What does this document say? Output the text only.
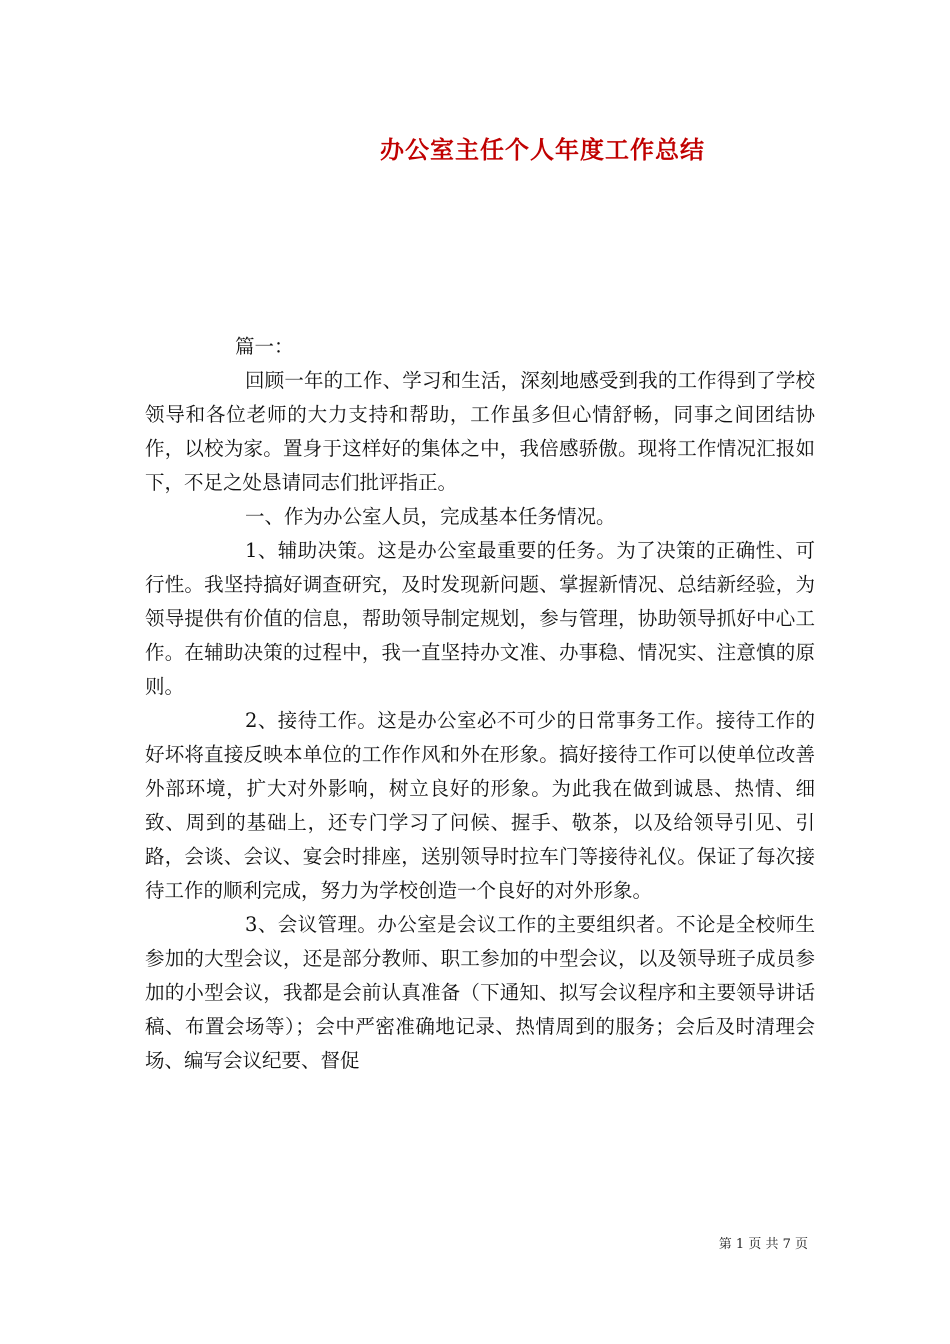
办公室主任个人年度工作总结

篇一：

回顾一年的工作、学习和生活，深刻地感受到我的工作得到了学校领导和各位老师的大力支持和帮助，工作虽多但心情舒畅，同事之间团结协作，以校为家。置身于这样好的集体之中，我倍感骄傲。现将工作情况汇报如下，不足之处恳请同志们批评指正。

一、作为办公室人员，完成基本任务情况。

1、辅助决策。这是办公室最重要的任务。为了决策的正确性、可行性。我坚持搞好调查研究，及时发现新问题、掌握新情况、总结新经验，为领导提供有价值的信息，帮助领导制定规划，参与管理，协助领导抓好中心工作。在辅助决策的过程中，我一直坚持办文准、办事稳、情况实、注意慎的原则。

2、接待工作。这是办公室必不可少的日常事务工作。接待工作的好坏将直接反映本单位的工作作风和外在形象。搞好接待工作可以使单位改善外部环境，扩大对外影响，树立良好的形象。为此我在做到诚恳、热情、细致、周到的基础上，还专门学习了问候、握手、敬茶，以及给领导引见、引路，会谈、会议、宴会时排座，送别领导时拉车门等接待礼仪。保证了每次接待工作的顺利完成，努力为学校创造一个良好的对外形象。

3、会议管理。办公室是会议工作的主要组织者。不论是全校师生参加的大型会议，还是部分教师、职工参加的中型会议，以及领导班子成员参加的小型会议，我都是会前认真准备（下通知、拟写会议程序和主要领导讲话稿、布置会场等）；会中严密准确地记录、热情周到的服务；会后及时清理会场、编写会议纪要、督促

第 1 页 共 7 页
